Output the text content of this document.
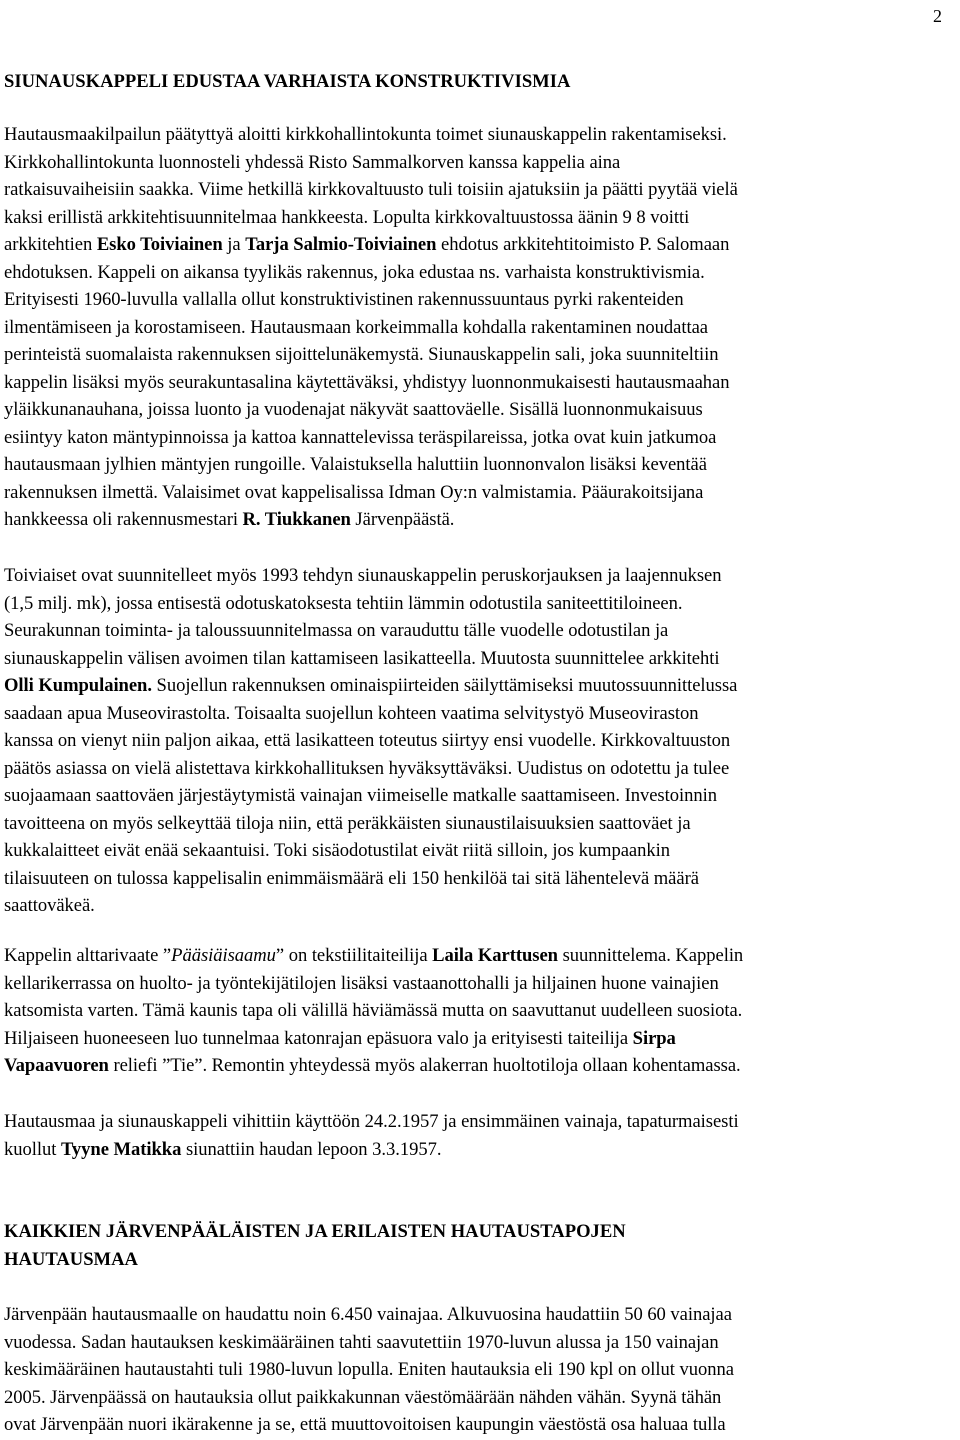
2
SIUNAUSKAPPELI EDUSTAA VARHAISTA KONSTRUKTIVISMIA

Hautausmaakilpailun päätyttyä aloitti kirkkohallintokunta toimet siunauskappelin rakentamiseksi.
Kirkkohallintokunta luonnosteli yhdessä Risto Sammalkorven kanssa kappelia aina
ratkaisuvaiheisiin saakka. Viime hetkillä kirkkovaltuusto tuli toisiin ajatuksiin ja päätti pyytää vielä
kaksi erillistä arkkitehtisuunnitelmaa hankkeesta. Lopulta kirkkovaltuustossa äänin 9 8 voitti
arkkitehtien Esko Toiviainen ja Tarja Salmio-Toiviainen ehdotus arkkitehtitoimisto P. Salomaan
ehdotuksen. Kappeli on aikansa tyylikäs rakennus, joka edustaa ns. varhaista konstruktivismia.
Erityisesti 1960-luvulla vallalla ollut konstruktivistinen rakennussuuntaus pyrki rakenteiden
ilmentämiseen ja korostamiseen. Hautausmaan korkeimmalla kohdalla rakentaminen noudattaa
perinteistä suomalaista rakennuksen sijoittelunäkemystä. Siunauskappelin sali, joka suunniteltiin
kappelin lisäksi myös seurakuntasalina käytettäväksi, yhdistyy luonnonmukaisesti hautausmaahan
yläikkunanauhana, joissa luonto ja vuodenajat näkyvät saattoväelle. Sisällä luonnonmukaisuus
esiintyy katon mäntypinnoissa ja kattoa kannattelevissa teräspilareissa, jotka ovat kuin jatkumoa
hautausmaan jylhien mäntyjen rungoille. Valaistuksella haluttiin luonnonvalon lisäksi keventää
rakennuksen ilmettä. Valaisimet ovat kappelisalissa Idman Oy:n valmistamia. Pääurakoitsijana
hankkeessa oli rakennusmestari R. Tiukkanen Järvenpäästä.

Toiviaiset ovat suunnitelleet myös 1993 tehdyn siunauskappelin peruskorjauksen ja laajennuksen
(1,5 milj. mk), jossa entisestä odotuskatoksesta tehtiin lämmin odotustila saniteettitiloineen.
Seurakunnan toiminta- ja taloussuunnitelmassa on varauduttu tälle vuodelle odotustilan ja
siunauskappelin välisen avoimen tilan kattamiseen lasikatteella. Muutosta suunnittelee arkkitehti
Olli Kumpulainen. Suojellun rakennuksen ominaispiirteiden säilyttämiseksi muutossuunnittelussa
saadaan apua Museovirastolta. Toisaalta suojellun kohteen vaatima selvitystyö Museoviraston
kanssa on vienyt niin paljon aikaa, että lasikatteen toteutus siirtyy ensi vuodelle. Kirkkovaltuuston
päätös asiassa on vielä alistettava kirkkohallituksen hyväksyttäväksi. Uudistus on odotettu ja tulee
suojaamaan saattoväen järjestäytymistä vainajan viimeiselle matkalle saattamiseen. Investoinnin
tavoitteena on myös selkeyttää tiloja niin, että peräkkäisten siunaustilaisuuksien saattoväet ja
kukkalaitteet eivät enää sekaantuisi. Toki sisäodotustilat eivät riitä silloin, jos kumpaankin
tilaisuuteen on tulossa kappelisalin enimmäismäärä eli 150 henkilöä tai sitä lähentelevä määrä
saattoväkeä.

Kappelin alttarivaate ”Pääsiäisaamu” on tekstiilitaiteilija Laila Karttusen suunnittelema. Kappelin
kellarikerrassa on huolto- ja työntekijätilojen lisäksi vastaanottohalli ja hiljainen huone vainajien
katsomista varten. Tämä kaunis tapa oli välillä häviämässä mutta on saavuttanut uudelleen suosiota.
Hiljaiseen huoneeseen luo tunnelmaa katonrajan epäsuora valo ja erityisesti taiteilija Sirpa
Vapaavuoren reliefi ”Tie”. Remontin yhteydessä myös alakerran huoltotiloja ollaan kohentamassa.

Hautausmaa ja siunauskappeli vihittiin käyttöön 24.2.1957 ja ensimmäinen vainaja, tapaturmaisesti
kuollut Tyyne Matikka siunattiin haudan lepoon 3.3.1957.

KAIKKIEN JÄRVENPÄÄLÄISTEN JA ERILAISTEN HAUTAUSTAPOJEN
HAUTAUSMAA

Järvenpään hautausmaalle on haudattu noin 6.450 vainajaa. Alkuvuosina haudattiin 50 60 vainajaa
vuodessa. Sadan hautauksen keskimääräinen tahti saavutettiin 1970-luvun alussa ja 150 vainajan
keskimääräinen hautaustahti tuli 1980-luvun lopulla. Eniten hautauksia eli 190 kpl on ollut vuonna
2005. Järvenpäässä on hautauksia ollut paikkakunnan väestömäärään nähden vähän. Syynä tähän
ovat Järvenpään nuori ikärakenne ja se, että muuttovoitoisen kaupungin väestöstä osa haluaa tulla
